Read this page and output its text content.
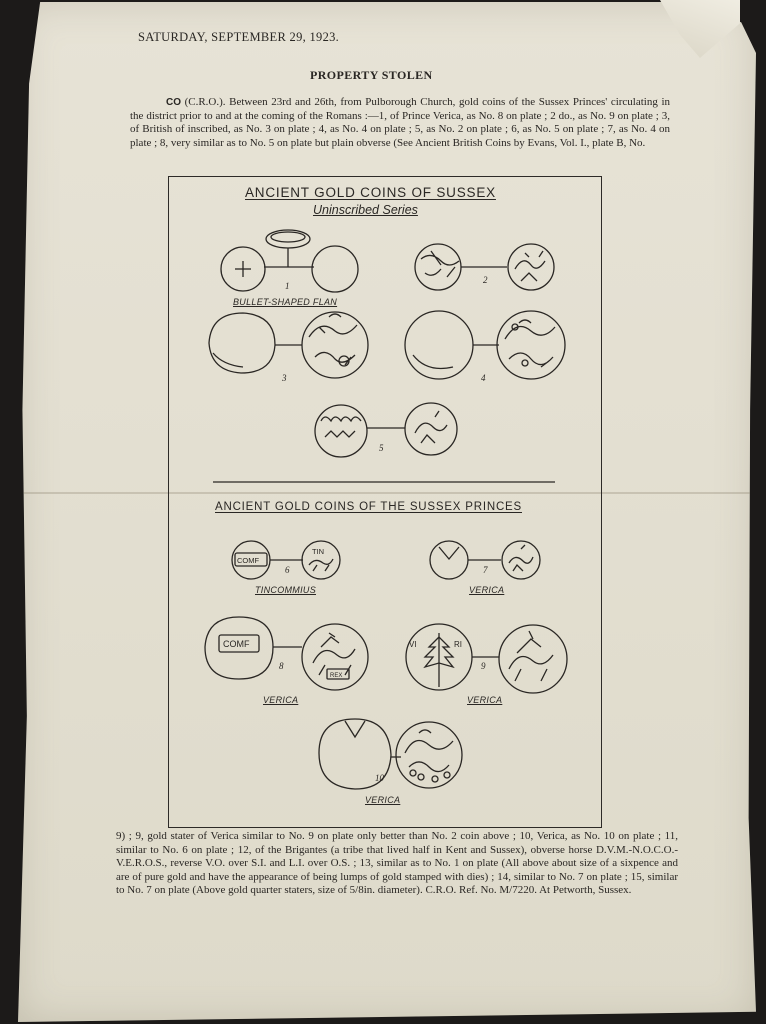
SATURDAY, SEPTEMBER 29, 1923.
PROPERTY STOLEN
CO (C.R.O.). Between 23rd and 26th, from Pulborough Church, gold coins of the Sussex Princes' circulating in the district prior to and at the coming of the Romans :—1, of Prince Verica, as No. 8 on plate ; 2 do., as No. 9 on plate ; 3, of British of inscribed, as No. 3 on plate ; 4, as No. 4 on plate ; 5, as No. 2 on plate ; 6, as No. 5 on plate ; 7, as No. 4 on plate ; 8, very similar as to No. 5 on plate but plain obverse (See Ancient British Coins by Evans, Vol. I., plate B, No.
COMF
TIN
COMF
REX
VI	RI
ANCIENT GOLD COINS OF SUSSEX
Uninscribed Series
BULLET-SHAPED FLAN
1
2
3	4
5
ANCIENT GOLD COINS OF THE SUSSEX PRINCES
6
TINCOMMIUS
7
VERICA
8
VERICA
9
VERICA
10
VERICA
9) ; 9, gold stater of Verica similar to No. 9 on plate only better than No. 2 coin above ; 10, Verica, as No. 10 on plate ; 11, similar to No. 6 on plate ; 12, of the Brigantes (a tribe that lived half in Kent and Sussex), obverse horse D.V.M.-N.O.C.O.-V.E.R.O.S., reverse V.O. over S.I. and L.I. over O.S. ; 13, similar as to No. 1 on plate (All above about size of a sixpence and are of pure gold and have the appearance of being lumps of gold stamped with dies) ; 14, similar to No. 7 on plate ; 15, similar to No. 7 on plate (Above gold quarter staters, size of 5/8in. diameter). C.R.O. Ref. No. M/7220. At Petworth, Sussex.
